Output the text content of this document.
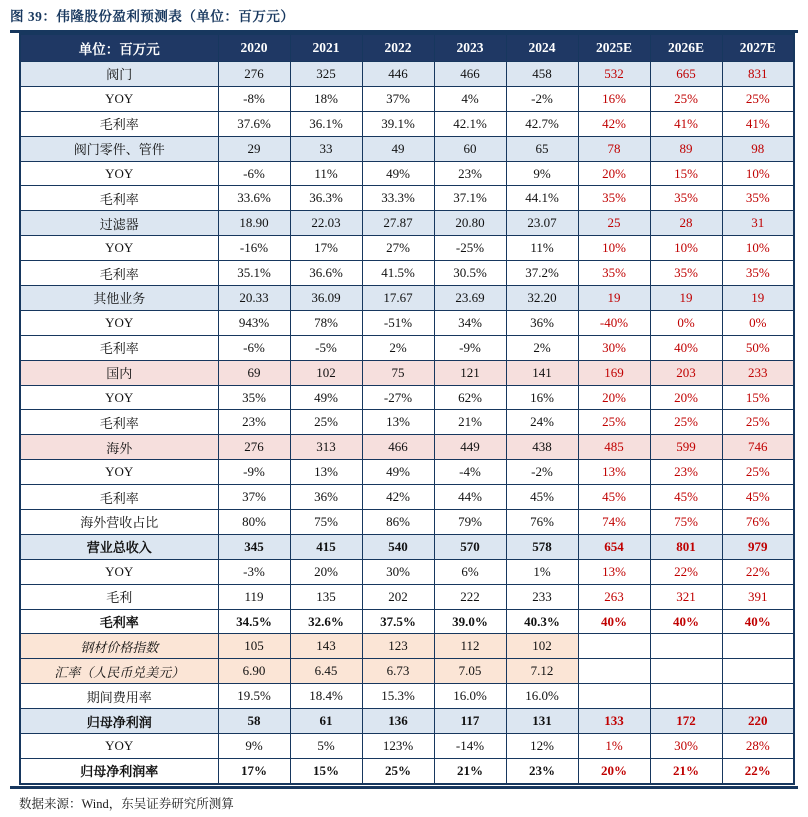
图 39：伟隆股份盈利预测表（单位：百万元）
单位：百万元	2020	2021	2022	2023	2024	2025E	2026E	2027E
阀门	276	325	446	466	458	532	665	831
YOY	-8%	18%	37%	4%	-2%	16%	25%	25%
毛利率	37.6%	36.1%	39.1%	42.1%	42.7%	42%	41%	41%
阀门零件、管件	29	33	49	60	65	78	89	98
YOY	-6%	11%	49%	23%	9%	20%	15%	10%
毛利率	33.6%	36.3%	33.3%	37.1%	44.1%	35%	35%	35%
过滤器	18.90	22.03	27.87	20.80	23.07	25	28	31
YOY	-16%	17%	27%	-25%	11%	10%	10%	10%
毛利率	35.1%	36.6%	41.5%	30.5%	37.2%	35%	35%	35%
其他业务	20.33	36.09	17.67	23.69	32.20	19	19	19
YOY	943%	78%	-51%	34%	36%	-40%	0%	0%
毛利率	-6%	-5%	2%	-9%	2%	30%	40%	50%
国内	69	102	75	121	141	169	203	233
YOY	35%	49%	-27%	62%	16%	20%	20%	15%
毛利率	23%	25%	13%	21%	24%	25%	25%	25%
海外	276	313	466	449	438	485	599	746
YOY	-9%	13%	49%	-4%	-2%	13%	23%	25%
毛利率	37%	36%	42%	44%	45%	45%	45%	45%
海外营收占比	80%	75%	86%	79%	76%	74%	75%	76%
营业总收入	345	415	540	570	578	654	801	979
YOY	-3%	20%	30%	6%	1%	13%	22%	22%
毛利	119	135	202	222	233	263	321	391
毛利率	34.5%	32.6%	37.5%	39.0%	40.3%	40%	40%	40%
钢材价格指数	105	143	123	112	102			
汇率（人民币兑美元）	6.90	6.45	6.73	7.05	7.12			
期间费用率	19.5%	18.4%	15.3%	16.0%	16.0%			
归母净利润	58	61	136	117	131	133	172	220
YOY	9%	5%	123%	-14%	12%	1%	30%	28%
归母净利润率	17%	15%	25%	21%	23%	20%	21%	22%
数据来源：Wind，东吴证券研究所测算
